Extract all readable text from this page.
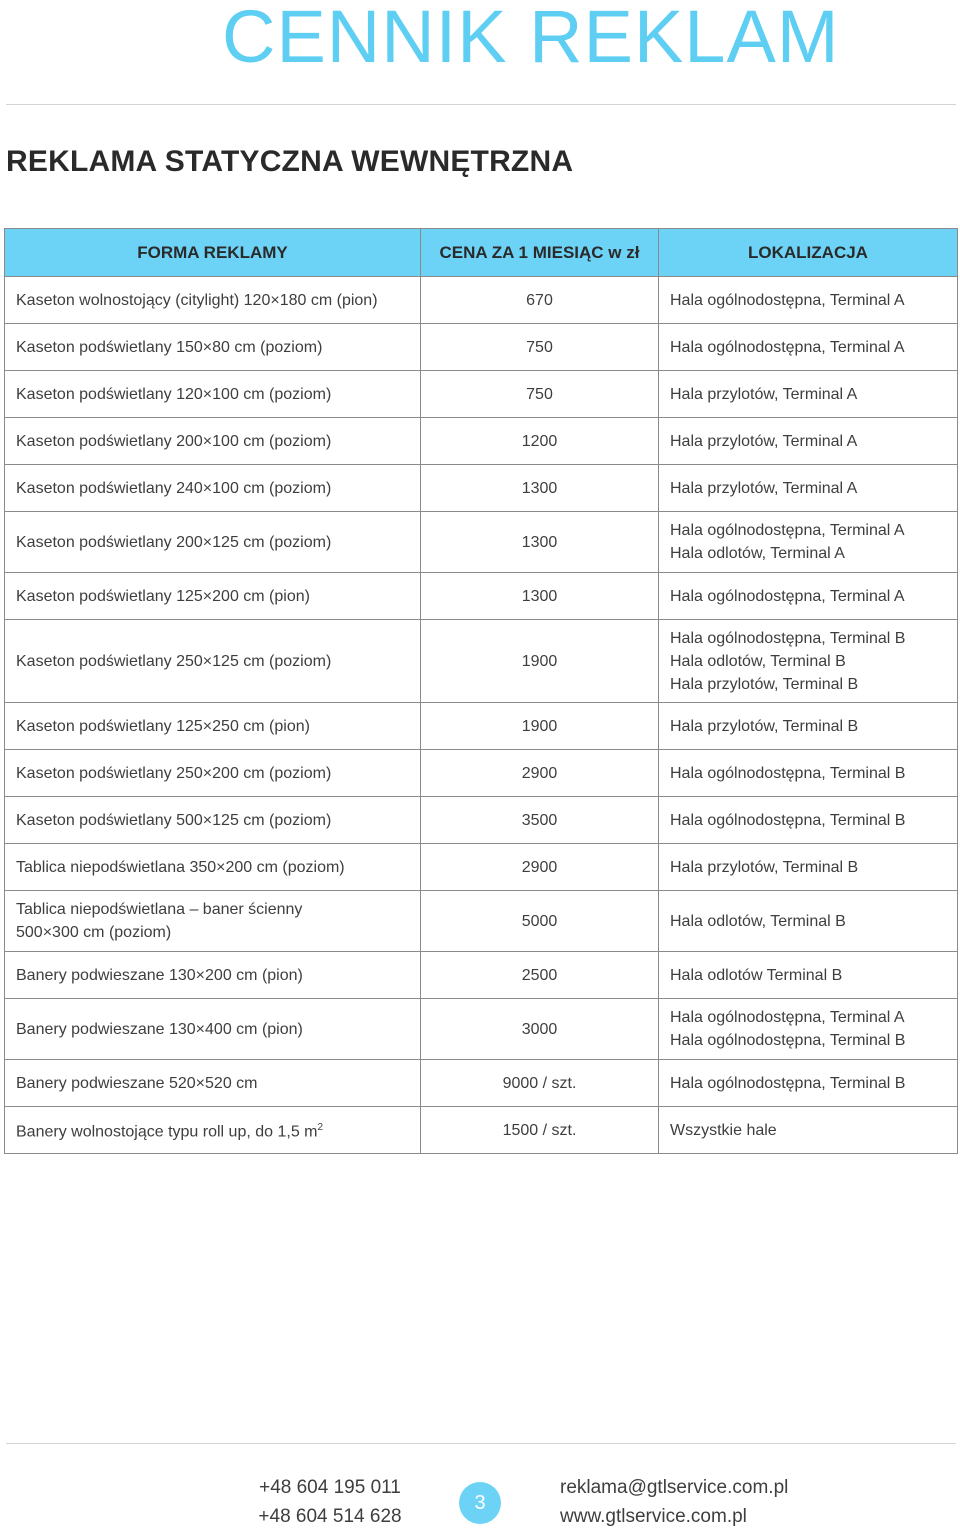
CENNIK REKLAM
REKLAMA STATYCZNA WEWNĘTRZNA
FORMA REKLAMY	CENA ZA 1 MIESIĄC w zł	LOKALIZACJA

Kaseton wolnostojący (citylight) 120×180 cm (pion)	670	Hala ogólnodostępna, Terminal A

Kaseton podświetlany 150×80 cm (poziom)	750	Hala ogólnodostępna, Terminal A

Kaseton podświetlany 120×100 cm (poziom)	750	Hala przylotów, Terminal A

Kaseton podświetlany 200×100 cm (poziom)	1200	Hala przylotów, Terminal A

Kaseton podświetlany 240×100 cm (poziom)	1300	Hala przylotów, Terminal A

Kaseton podświetlany 200×125 cm (poziom)	1300	Hala ogólnodostępna, Terminal A
Hala odlotów, Terminal A

Kaseton podświetlany 125×200 cm (pion)	1300	Hala ogólnodostępna, Terminal A

Kaseton podświetlany 250×125 cm (poziom)	1900	Hala ogólnodostępna, Terminal B
Hala odlotów, Terminal B
Hala przylotów, Terminal B

Kaseton podświetlany 125×250 cm (pion)	1900	Hala przylotów, Terminal B

Kaseton podświetlany 250×200 cm (poziom)	2900	Hala ogólnodostępna, Terminal B

Kaseton podświetlany 500×125 cm (poziom)	3500	Hala ogólnodostępna, Terminal B

Tablica niepodświetlana 350×200 cm (poziom)	2900	Hala przylotów, Terminal B

Tablica niepodświetlana – baner ścienny
500×300 cm (poziom)	5000	Hala odlotów, Terminal B

Banery podwieszane 130×200 cm (pion)	2500	Hala odlotów Terminal B

Banery podwieszane 130×400 cm (pion)	3000	Hala ogólnodostępna, Terminal A
Hala ogólnodostępna, Terminal B

Banery podwieszane 520×520 cm	9000 / szt.	Hala ogólnodostępna, Terminal B

Banery wolnostojące typu roll up, do 1,5 $m^2$	1500 / szt.	Wszystkie hale
+48 604 195 011
+48 604 514 628
3
reklama@gtlservice.com.pl
www.gtlservice.com.pl
